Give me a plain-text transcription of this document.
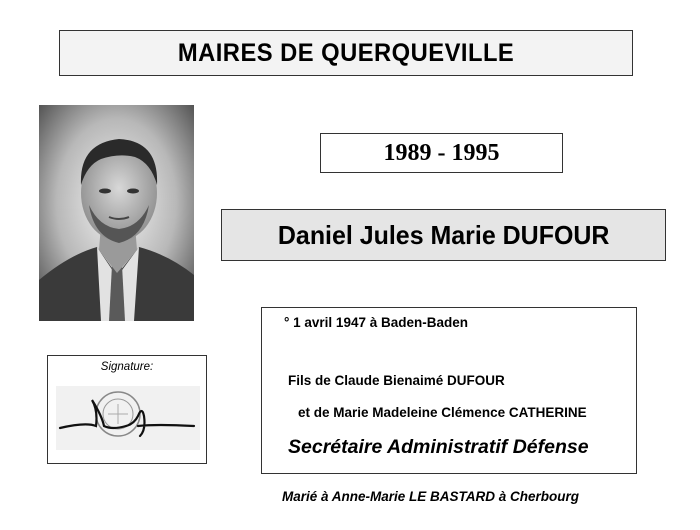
MAIRES DE QUERQUEVILLE
1989 - 1995
Daniel Jules Marie DUFOUR
° 1 avril 1947 à Baden-Baden
Fils de Claude Bienaimé DUFOUR
et de Marie Madeleine Clémence CATHERINE
Secrétaire Administratif Défense
Signature:
Marié à Anne-Marie LE BASTARD à Cherbourg
